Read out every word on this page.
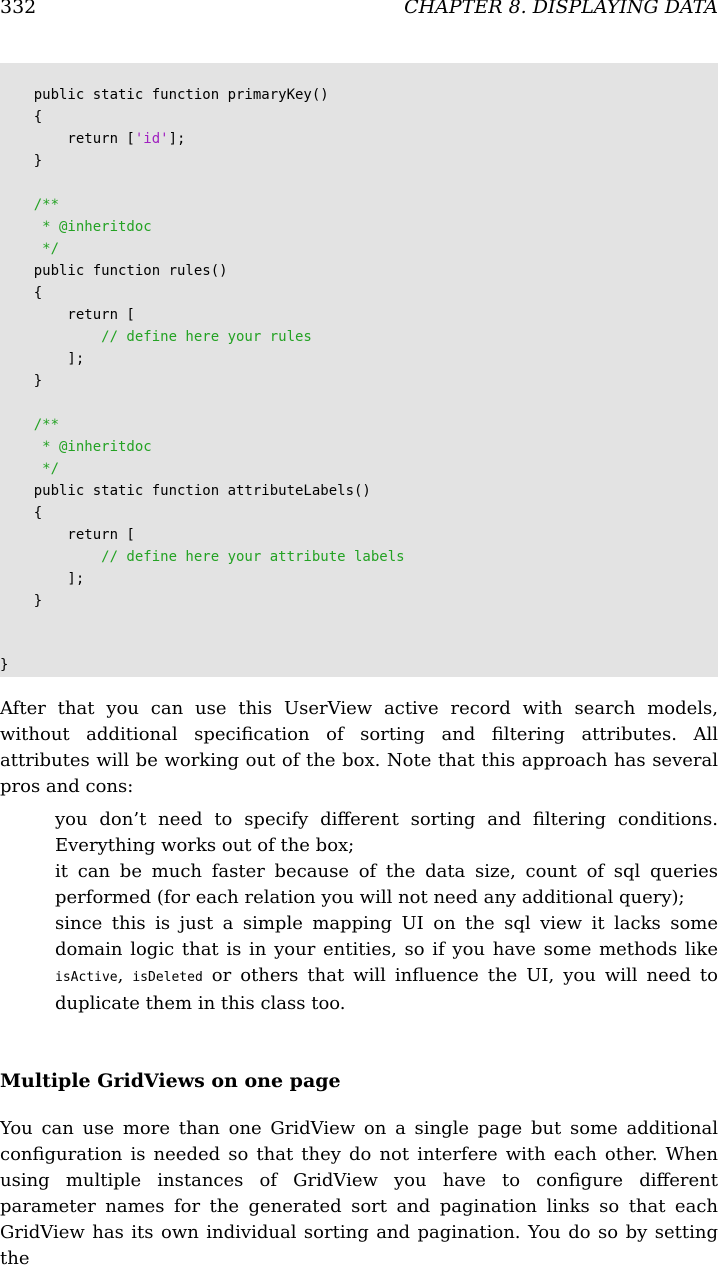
332	CHAPTER 8. DISPLAYING DATA
public static function primaryKey()
{
return ['id'];
}
/**
* @inheritdoc
*/
public function rules()
{
return [
// define here your rules
];
}
/**
* @inheritdoc
*/
public static function attributeLabels()
{
return [
// define here your attribute labels
];
}
}
After that you can use this UserView active record with search models, without additional specification of sorting and filtering attributes. All attributes will be working out of the box. Note that this approach has several pros and cons:
you don’t need to specify different sorting and filtering conditions. Everything works out of the box;
it can be much faster because of the data size, count of sql queries performed (for each relation you will not need any additional query);
since this is just a simple mapping UI on the sql view it lacks some domain logic that is in your entities, so if you have some methods like isActive, isDeleted or others that will influence the UI, you will need to duplicate them in this class too.
Multiple GridViews on one page
You can use more than one GridView on a single page but some additional configuration is needed so that they do not interfere with each other. When using multiple instances of GridView you have to configure different parameter names for the generated sort and pagination links so that each GridView has its own individual sorting and pagination. You do so by setting the
